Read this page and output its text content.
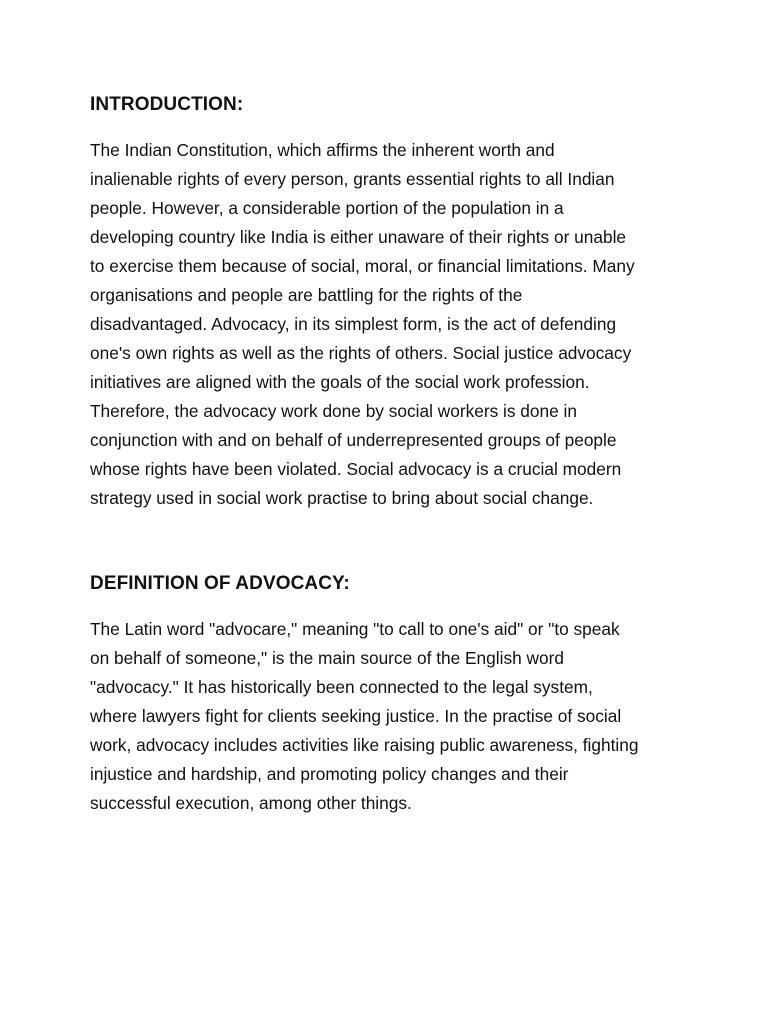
INTRODUCTION:
The Indian Constitution, which affirms the inherent worth and
inalienable rights of every person, grants essential rights to all Indian
people. However, a considerable portion of the population in a
developing country like India is either unaware of their rights or unable
to exercise them because of social, moral, or financial limitations. Many
organisations and people are battling for the rights of the
disadvantaged. Advocacy, in its simplest form, is the act of defending
one's own rights as well as the rights of others. Social justice advocacy
initiatives are aligned with the goals of the social work profession.
Therefore, the advocacy work done by social workers is done in
conjunction with and on behalf of underrepresented groups of people
whose rights have been violated. Social advocacy is a crucial modern
strategy used in social work practise to bring about social change.
DEFINITION OF ADVOCACY:
The Latin word "advocare," meaning "to call to one's aid" or "to speak
on behalf of someone," is the main source of the English word
"advocacy." It has historically been connected to the legal system,
where lawyers fight for clients seeking justice. In the practise of social
work, advocacy includes activities like raising public awareness, fighting
injustice and hardship, and promoting policy changes and their
successful execution, among other things.
